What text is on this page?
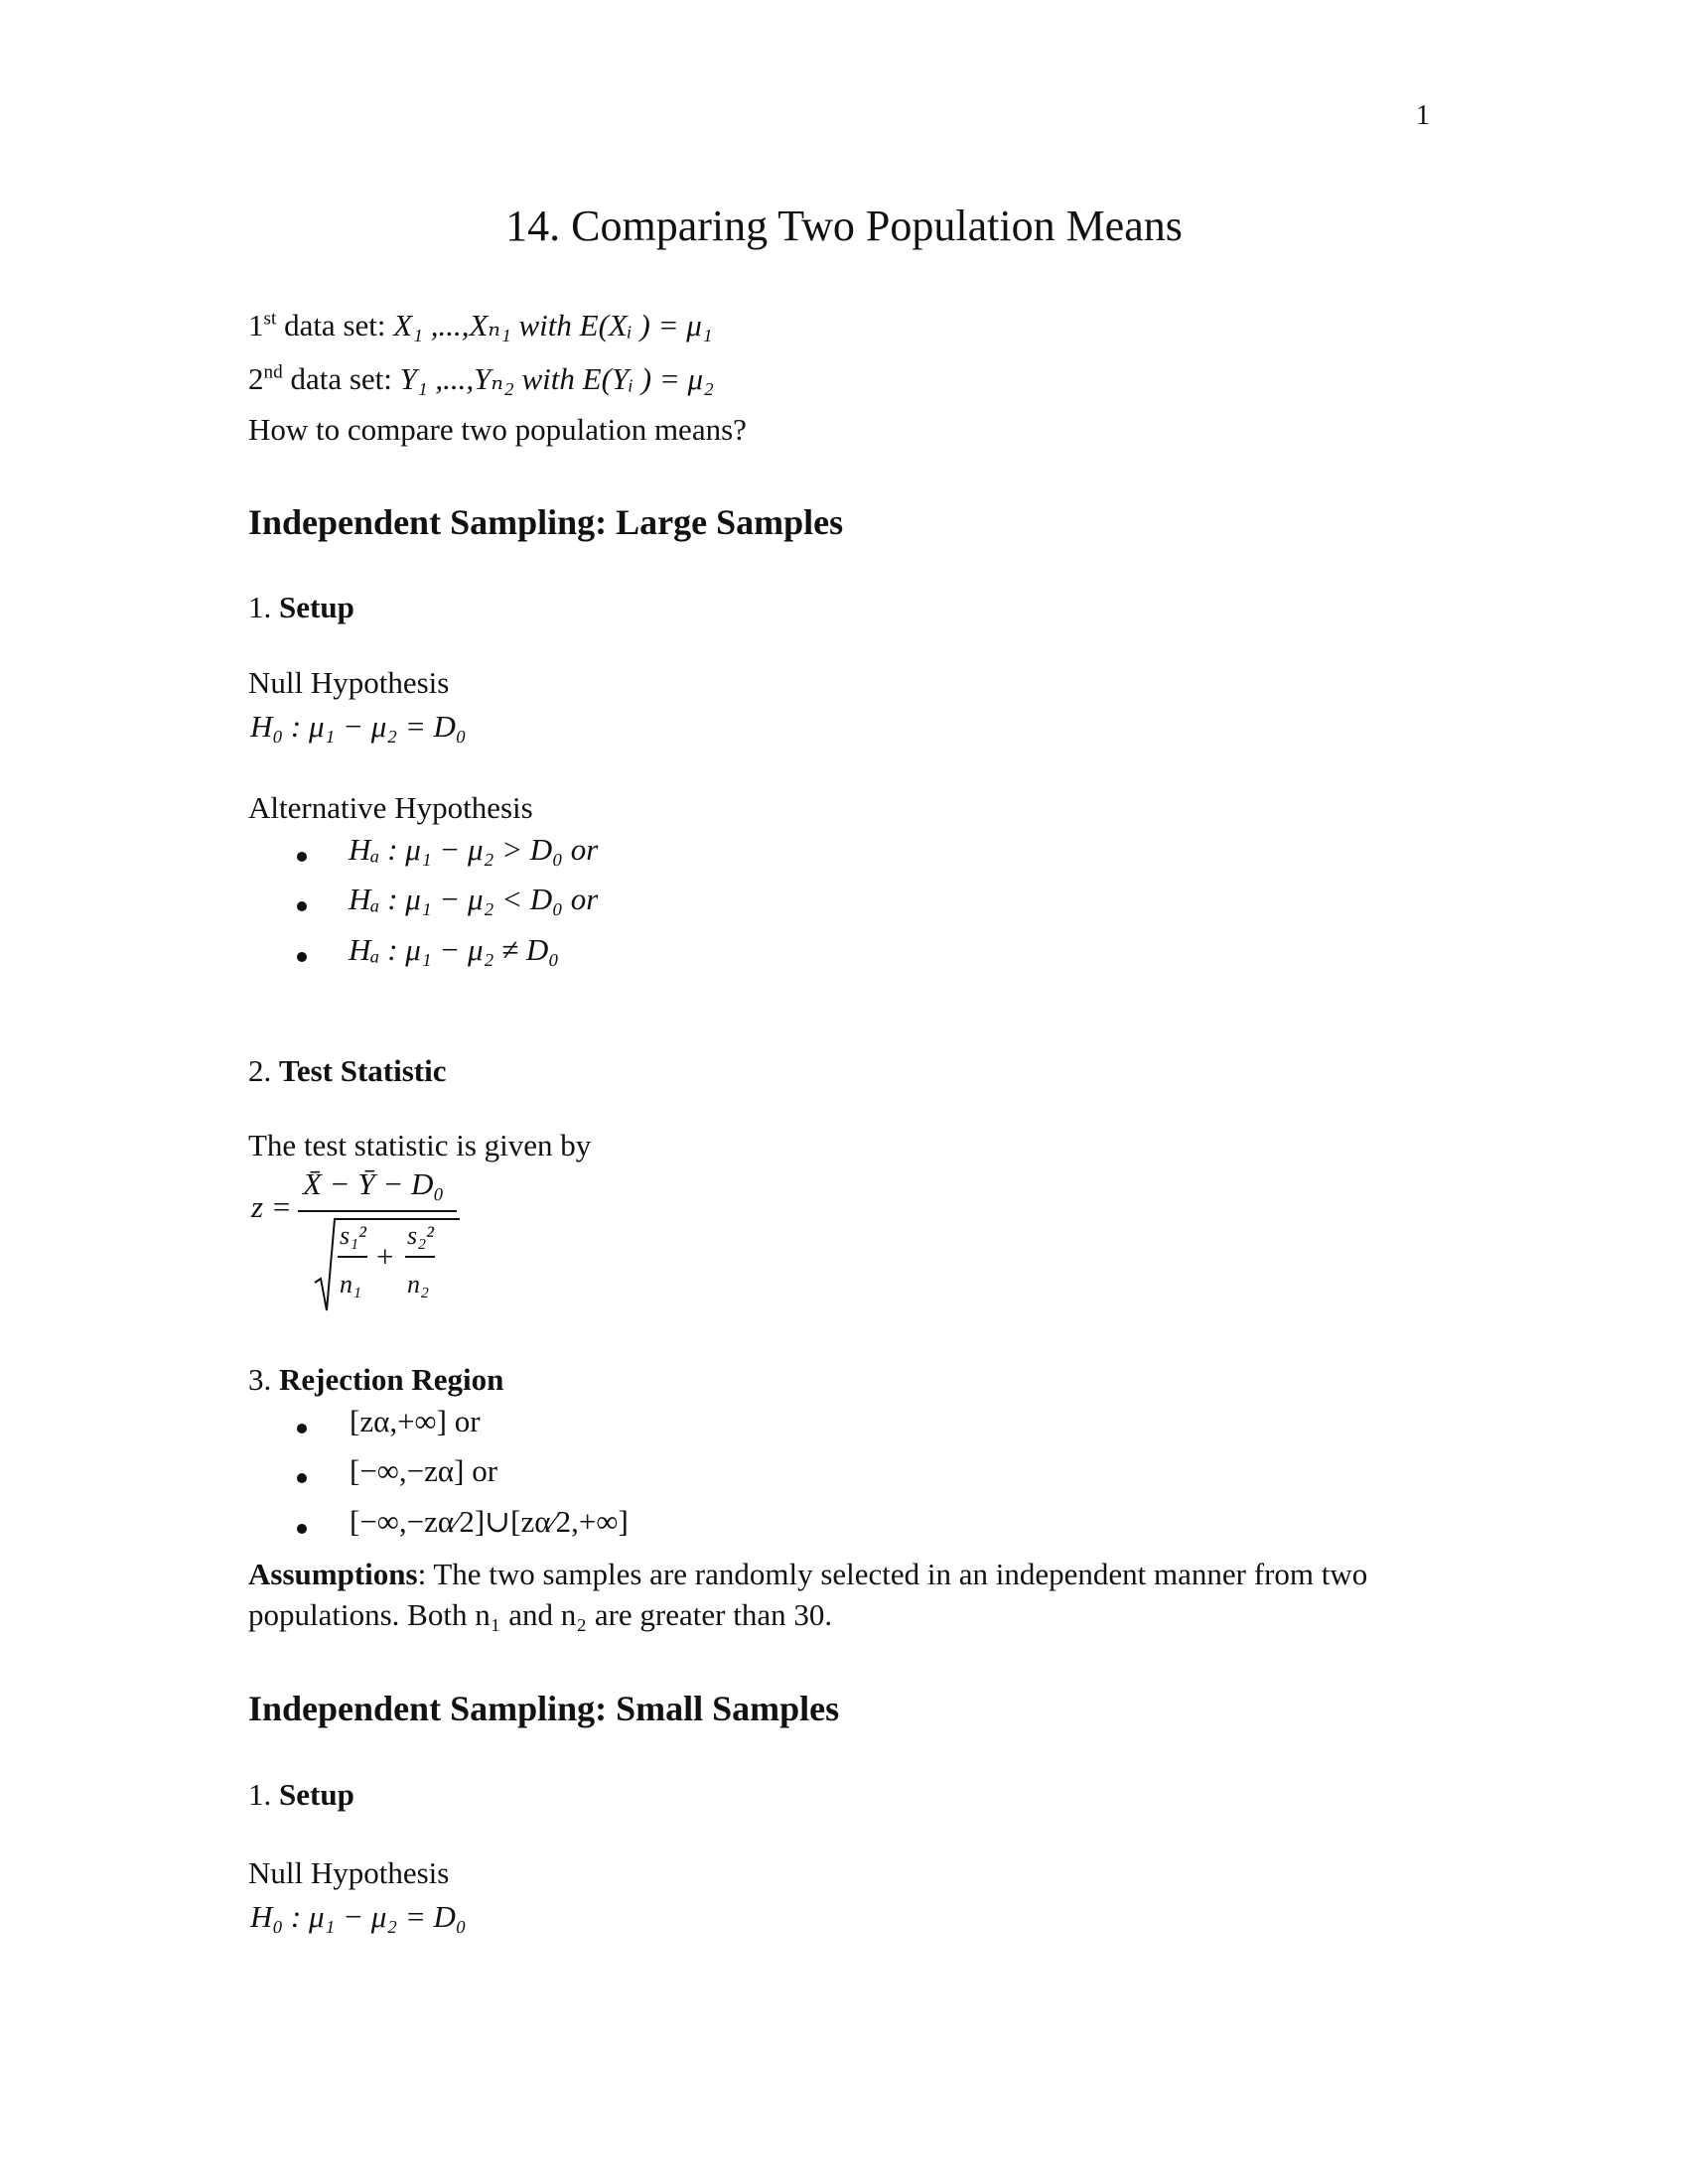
1
14. Comparing Two Population Means
1st data set: X₁ ,...,Xₙ₁ with E(Xᵢ ) = μ₁
2nd data set: Y₁ ,...,Yₙ₂ with E(Yᵢ ) = μ₂
How to compare two population means?
Independent Sampling: Large Samples
1. Setup
Null Hypothesis
H₀ : μ₁ − μ₂ = D₀
Alternative Hypothesis
Hₐ : μ₁ − μ₂ > D₀ or
Hₐ : μ₁ − μ₂ < D₀ or
Hₐ : μ₁ − μ₂ ≠ D₀
2. Test Statistic
The test statistic is given by
z =
X̄ − Ȳ − D₀
s₁²
n₁
+
s₂²
n₂
3. Rejection Region
[zα,+∞] or
[−∞,−zα] or
[−∞,−zα⁄2]∪[zα⁄2,+∞]
Assumptions: The two samples are randomly selected in an independent manner from two populations. Both n₁ and n₂ are greater than 30.
Independent Sampling: Small Samples
1. Setup
Null Hypothesis
H₀ : μ₁ − μ₂ = D₀
